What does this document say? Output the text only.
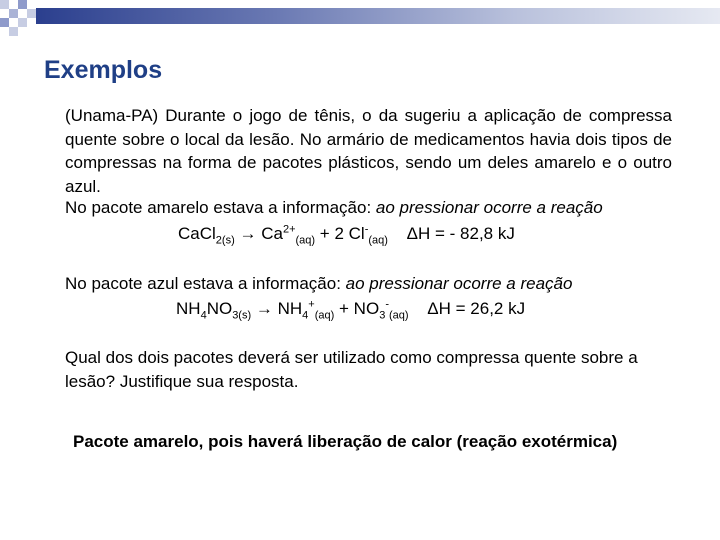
Exemplos
(Unama-PA) Durante o jogo de tênis, o da sugeriu a aplicação de compressa quente sobre o local da lesão. No armário de medicamentos havia dois tipos de compressas na forma de pacotes plásticos, sendo um deles amarelo e o outro azul.
No pacote amarelo estava a informação: ao pressionar ocorre a reação
CaCl$_{2(s)}$ → $Ca^{2+}_{(aq)} + 2$ $Cl^-_{(aq)}$ ΔH = - 82,8 kJ
No pacote azul estava a informação: ao pressionar ocorre a reação
$NH_4NO_{3(s)} \to NH_4^+_{(aq)} + NO_3^-_{(aq)}$ ΔH = 26,2 kJ
Qual dos dois pacotes deverá ser utilizado como compressa quente sobre a lesão? Justifique sua resposta.
Pacote amarelo, pois haverá liberação de calor (reação exotérmica)
